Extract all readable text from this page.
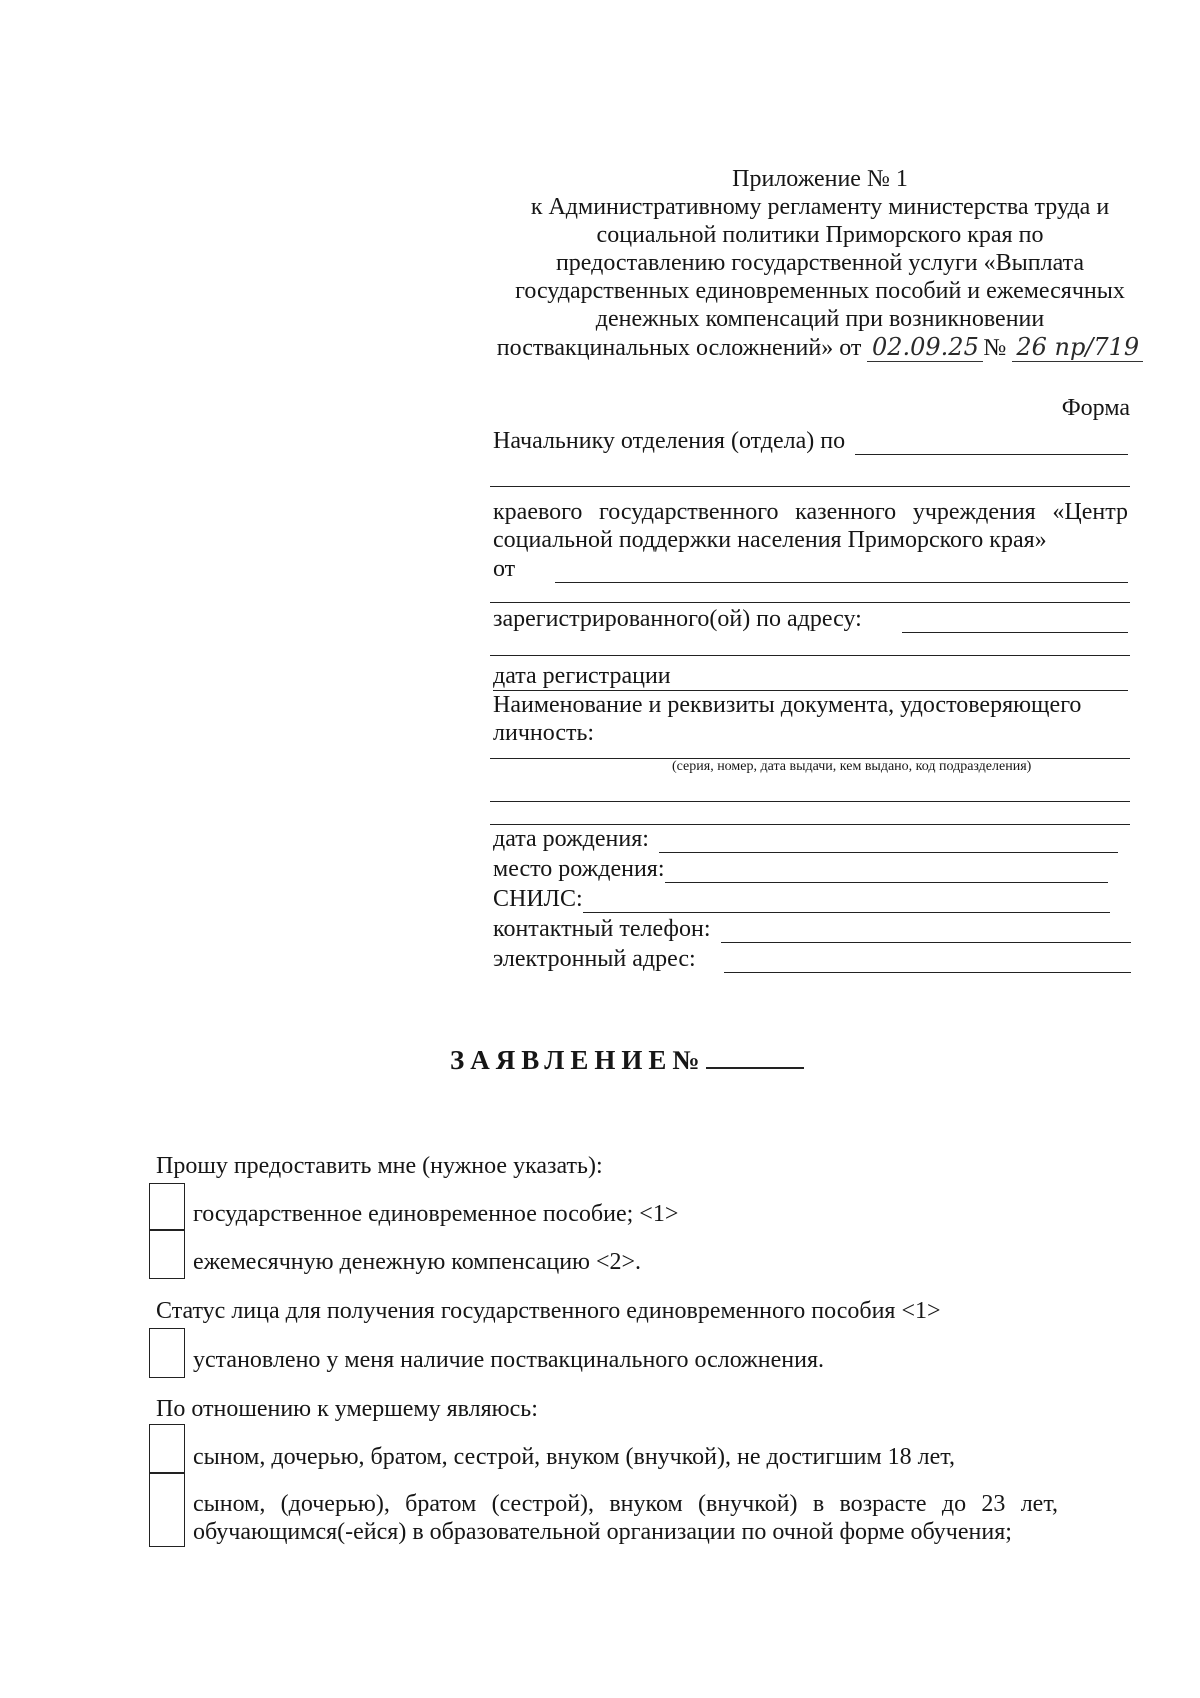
Приложение № 1
к Административному регламенту министерства труда и
социальной политики Приморского края по
предоставлению государственной услуги «Выплата
государственных единовременных пособий и ежемесячных
денежных компенсаций при возникновении
поствакцинальных осложнений» от 02.09.25 № 26 пр/719
Форма
Начальнику отделения (отдела) по
краевого государственного казенного учреждения «Центр социальной поддержки населения Приморского края»
от
зарегистрированного(ой) по адресу:
дата регистрации
Наименование и реквизиты документа, удостоверяющего личность:
(серия, номер, дата выдачи, кем выдано, код подразделения)
дата рождения:
место рождения:
СНИЛС:
контактный телефон:
электронный адрес:
ЗАЯВЛЕНИЕ№
Прошу предоставить мне (нужное указать):
государственное единовременное пособие; <1>
ежемесячную денежную компенсацию <2>.
Статус лица для получения государственного единовременного пособия <1>
установлено у меня наличие поствакцинального осложнения.
По отношению к умершему являюсь:
сыном, дочерью, братом, сестрой, внуком (внучкой), не достигшим 18 лет,
сыном, (дочерью), братом (сестрой), внуком (внучкой) в возрасте до 23 лет, обучающимся(-ейся) в образовательной организации по очной форме обучения;
